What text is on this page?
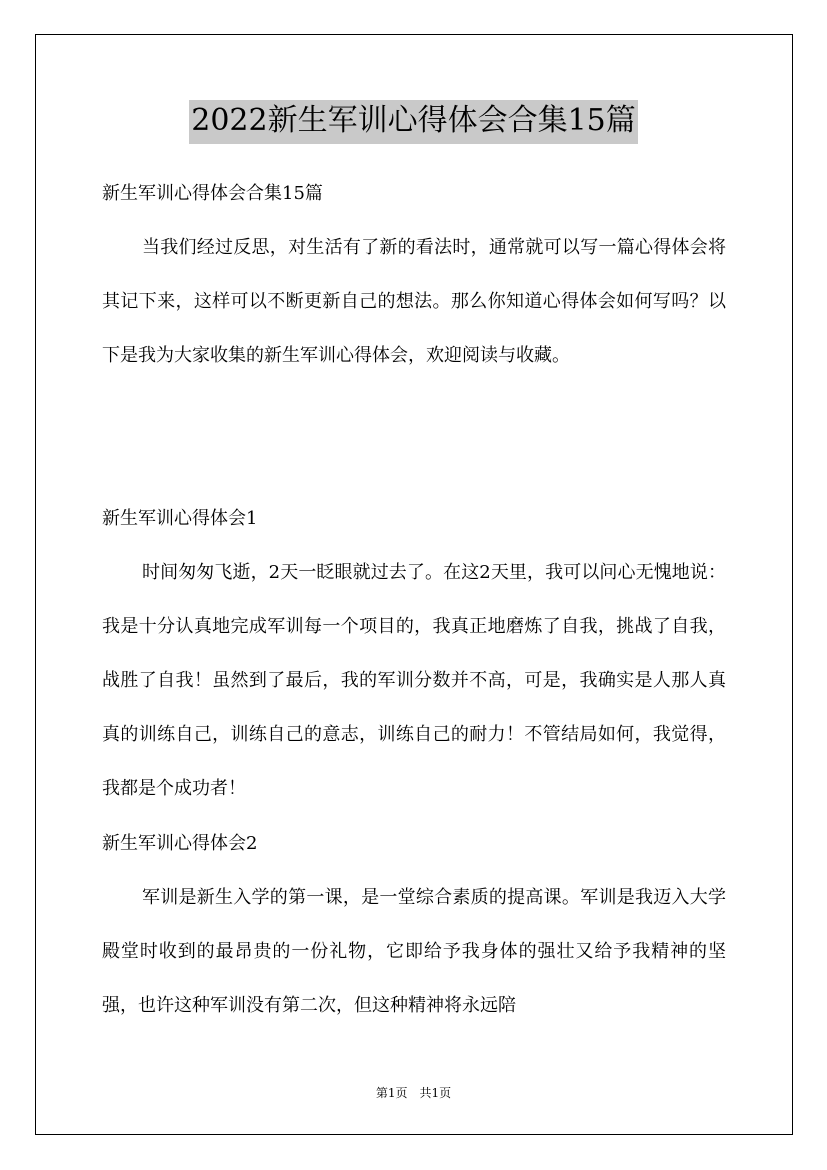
2022新生军训心得体会合集15篇

新生军训心得体会合集15篇

当我们经过反思，对生活有了新的看法时，通常就可以写一篇心得体会将其记下来，这样可以不断更新自己的想法。那么你知道心得体会如何写吗？以下是我为大家收集的新生军训心得体会，欢迎阅读与收藏。

新生军训心得体会1

时间匆匆飞逝，2天一眨眼就过去了。在这2天里，我可以问心无愧地说：我是十分认真地完成军训每一个项目的，我真正地磨炼了自我，挑战了自我，战胜了自我！虽然到了最后，我的军训分数并不高，可是，我确实是人那人真真的训练自己，训练自己的意志，训练自己的耐力！不管结局如何，我觉得，我都是个成功者！

新生军训心得体会2

军训是新生入学的第一课，是一堂综合素质的提高课。军训是我迈入大学殿堂时收到的最昂贵的一份礼物，它即给予我身体的强壮又给予我精神的坚强，也许这种军训没有第二次，但这种精神将永远陪

第1页 共1页
